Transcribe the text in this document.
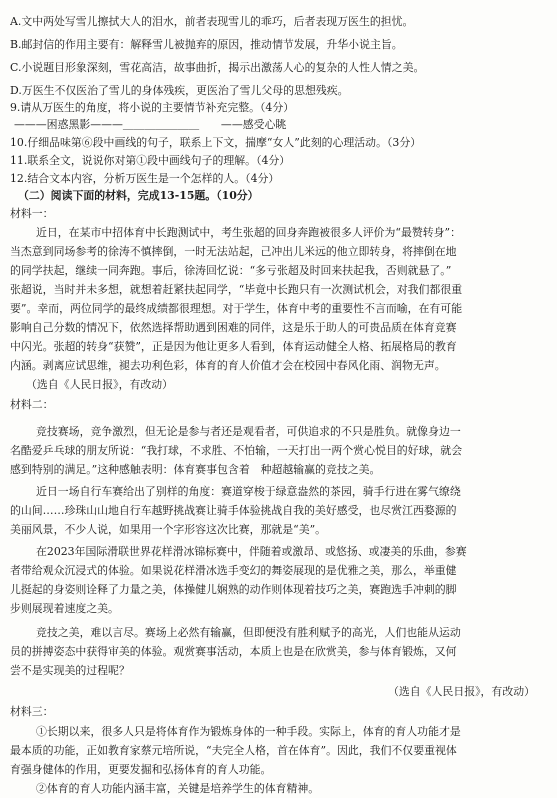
A.文中两处写雪儿擦拭大人的泪水，前者表现雪儿的乖巧，后者表现万医生的担忧。
B.邮封信的作用主要有：解释雪儿被抛弃的原因，推动情节发展，升华小说主旨。
C.小说题目形象深刻，雪花高洁，故事曲折，揭示出激荡人心的复杂的人性人情之美。
D.万医生不仅医治了雪儿的身体残疾，更医治了雪儿父母的思想残疾。
9.请从万医生的角度，将小说的主要情节补充完整。（4分）
———困惑黑影———＿＿＿＿＿＿＿　　——感受心眺
10.仔细品味第⑥段中画线的句子，联系上下文，揣摩“女人”此刻的心理活动。（3分）
11.联系全文，说说你对第①段中画线句子的理解。（4分）
12.结合文本内容，分析万医生是一个怎样的人。（4分）
（二）阅读下面的材料，完成13-15题。（10分）
材料一：
近日，在某市中招体育中长跑测试中，考生张超的回身奔跑被很多人评价为“最赞转身”：
当杰意到同场参考的徐涛不慎摔倒，一时无法站起，己冲出儿米远的他立即转身，将摔倒在地
的同学扶起，继续一同奔跑。事后，徐涛回忆说：“多亏张超及时回来扶起我，否则就悬了。”
张超说，当时并未多想，就想着赶紧扶起同学，“毕竟中长跑只有一次测试机会，对我们都很重
要”。幸而，两位同学的最终成绩都很理想。对于学生，体育中考的重要性不言而喻，在有可能
影响自己分数的情况下，依然选择帮助遇到困难的同伴，这是乐于助人的可贵品质在体育竞赛
中闪光。张超的转身“获赞”，正是因为他让更多人看到，体育运动健全人格、拓展格局的教育
内涵。剥离应试思维，褪去功利色彩，体育的育人价值才会在校园中春风化雨、润物无声。
（选自《人民日报》，有改动）
材料二：
竞技赛场，竞争激烈，但无论是参与者还是观看者，可供追求的不只是胜负。就像身边一
名酷爱乒乓球的朋友所说：“我打球，不求胜、不怕输，一天打出一两个赏心悦目的好球，就会
感到特别的满足。”这种感触表明：体育赛事包含着　种超越输赢的竞技之美。
近日一场自行车赛给出了别样的角度：赛道穿梭于绿意盎然的茶园，骑手行进在雾气缭绕
的山间……珍珠山山地自行车越野挑战赛让骑手体验挑战自我的美好感受，也尽赏江西婺源的
美丽风景，不少人说，如果用一个字形容这次比赛，那就是“美”。
在2023年国际滑联世界花样滑冰锦标赛中，伴随着或激昂、或悠扬、或凄美的乐曲，参赛
者带给观众沉浸式的体验。如果说花样滑冰选手变幻的舞姿展现的是优雅之美，那么，举重健
儿挺起的身姿则诠释了力量之美，体操健儿娴熟的动作则体现着技巧之美，赛跑选手冲刺的脚
步则展现着速度之美。
竞技之美，难以言尽。赛场上必然有输赢，但即便没有胜利赋予的高光，人们也能从运动
员的拼搏姿态中获得审美的体验。观赏赛事活动，本质上也是在欣赏美，参与体育锻炼，又何
尝不是实现美的过程呢？
（选自《人民日报》，有改动）
材料三：
①长期以来，很多人只是将体育作为锻炼身体的一种手段。实际上，体育的育人功能才是
最本质的功能，正如教育家蔡元培所说，“夫完全人格，首在体育”。因此，我们不仅要重视体
育强身健体的作用，更要发掘和弘扬体育的育人功能。
②体育的育人功能内涵丰富，关键是培养学生的体育精神。
